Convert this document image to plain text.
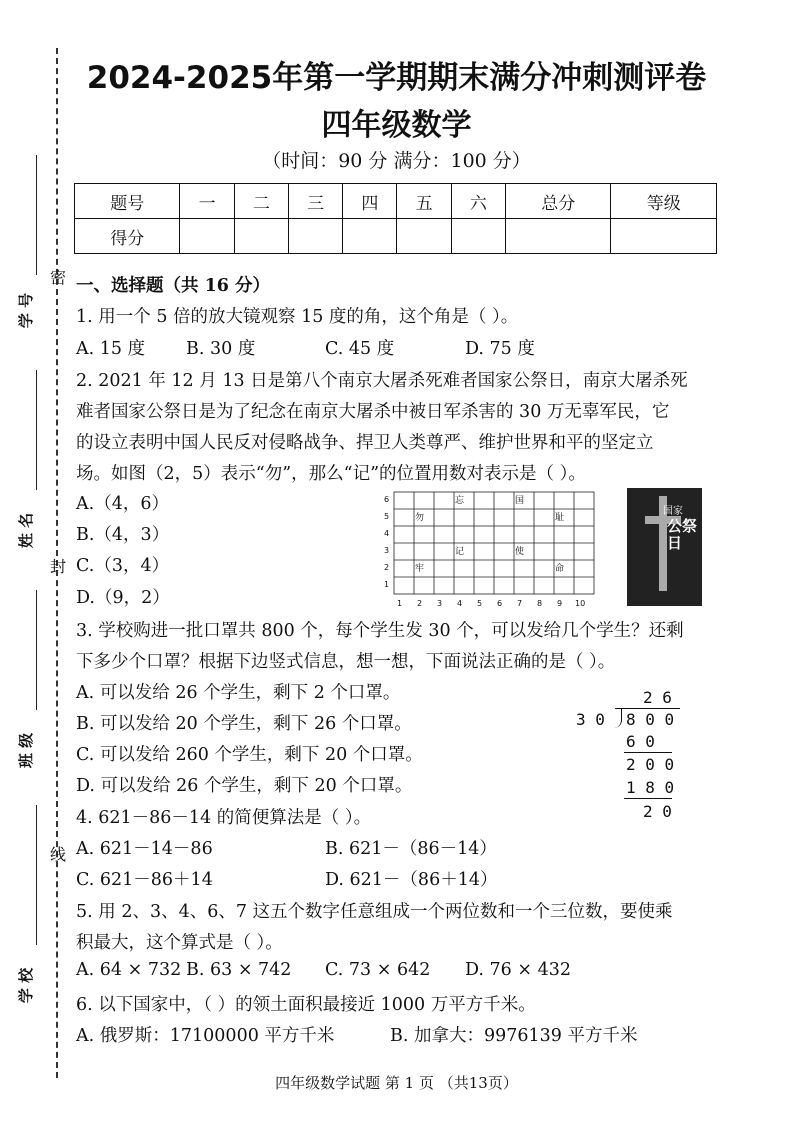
密
封
线
学 号
姓 名
班 级
学 校
2024-2025年第一学期期末满分冲刺测评卷
四年级数学
（时间：90 分 满分：100 分）
题号	一	二	三	四	五	六	总分	等级
得分								
一、选择题（共 16 分）
1. 用一个 5 倍的放大镜观察 15 度的角，这个角是（ ）。
A. 15 度 B. 30 度	C. 45 度	D. 75 度
2. 2021 年 12 月 13 日是第八个南京大屠杀死难者国家公祭日，南京大屠杀死
难者国家公祭日是为了纪念在南京大屠杀中被日军杀害的 30 万无辜军民，它
的设立表明中国人民反对侵略战争、捍卫人类尊严、维护世界和平的坚定立
场。如图（2，5）表示“勿”，那么“记”的位置用数对表示是（ ）。
A.（4，6）
B.（4，3）
C.（3，4）
D.（9，2）
6
5
4
3
2
1
1 2 3 4 5 6 7 8 9 10
忘	国
勿	耻
记	使
牢	命
国家
公祭日
3. 学校购进一批口罩共 800 个，每个学生发 30 个，可以发给几个学生？还剩
下多少个口罩？根据下边竖式信息，想一想，下面说法正确的是（ ）。
A. 可以发给 26 个学生，剩下 2 个口罩。
B. 可以发给 20 个学生，剩下 26 个口罩。
C. 可以发给 260 个学生，剩下 20 个口罩。
D. 可以发给 26 个学生，剩下 20 个口罩。
2 6
3 0 8 0 0
6 0
2 0 0
1 8 0
2 0
4. 621－86－14 的简便算法是（ ）。
A. 621－14－86	B. 621－（86－14）
C. 621－86＋14	D. 621－（86＋14）
5. 用 2、3、4、6、7 这五个数字任意组成一个两位数和一个三位数，要使乘
积最大，这个算式是（ ）。
A. 64 × 732 B. 63 × 742 C. 73 × 642 D. 76 × 432
6. 以下国家中，（ ）的领土面积最接近 1000 万平方千米。
A. 俄罗斯：17100000 平方千米	B. 加拿大：9976139 平方千米
四年级数学试题 第 1 页 （共13页）
